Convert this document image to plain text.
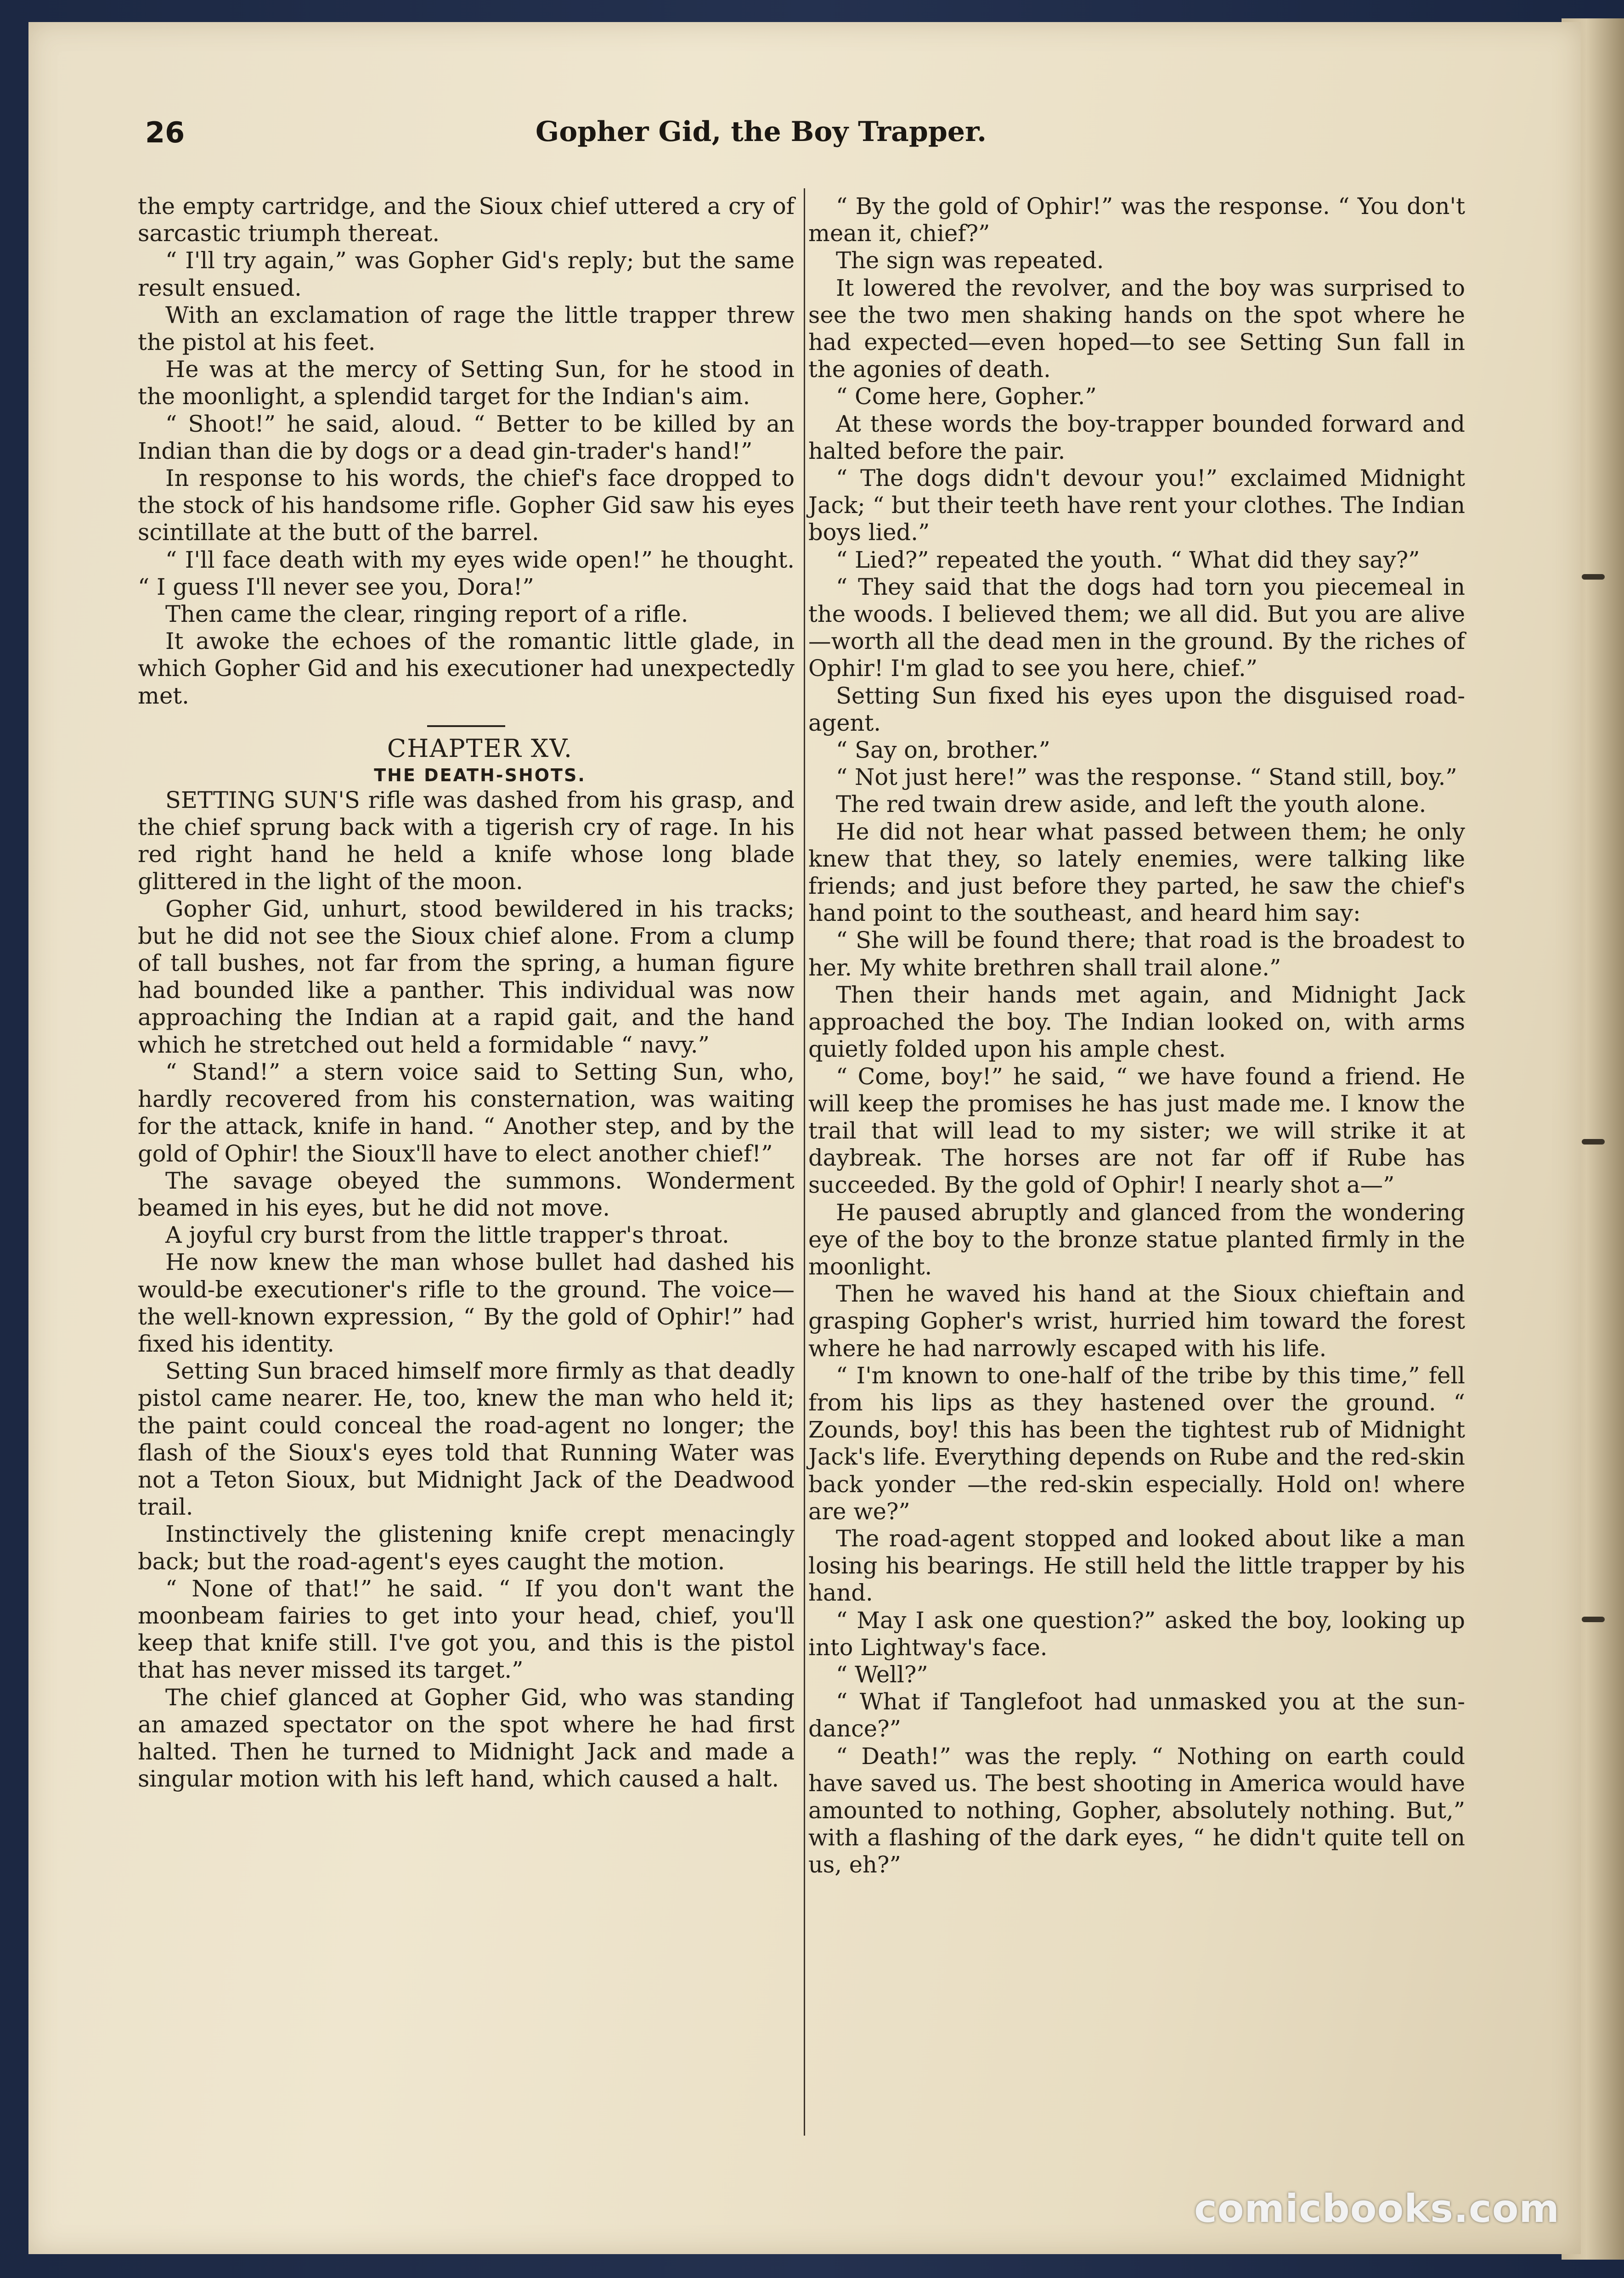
26	Gopher Gid, the Boy Trapper.

the empty cartridge, and the Sioux chief uttered a cry of sarcastic triumph thereat.

“ I'll try again,” was Gopher Gid's reply; but the same result ensued.

With an exclamation of rage the little trapper threw the pistol at his feet.

He was at the mercy of Setting Sun, for he stood in the moonlight, a splendid target for the Indian's aim.

“ Shoot!” he said, aloud. “ Better to be killed by an Indian than die by dogs or a dead gin-trader's hand!”

In response to his words, the chief's face dropped to the stock of his handsome rifle. Gopher Gid saw his eyes scintillate at the butt of the barrel.

“ I'll face death with my eyes wide open!” he thought. “ I guess I'll never see you, Dora!”

Then came the clear, ringing report of a rifle.

It awoke the echoes of the romantic little glade, in which Gopher Gid and his executioner had unexpectedly met.

CHAPTER XV.

THE DEATH-SHOTS.

SETTING SUN'S rifle was dashed from his grasp, and the chief sprung back with a tigerish cry of rage. In his red right hand he held a knife whose long blade glittered in the light of the moon.

Gopher Gid, unhurt, stood bewildered in his tracks; but he did not see the Sioux chief alone. From a clump of tall bushes, not far from the spring, a human figure had bounded like a panther. This individual was now approaching the Indian at a rapid gait, and the hand which he stretched out held a formidable “ navy.”

“ Stand!” a stern voice said to Setting Sun, who, hardly recovered from his consternation, was waiting for the attack, knife in hand. “ Another step, and by the gold of Ophir! the Sioux'll have to elect another chief!”

The savage obeyed the summons. Wonderment beamed in his eyes, but he did not move.

A joyful cry burst from the little trapper's throat.

He now knew the man whose bullet had dashed his would-be executioner's rifle to the ground. The voice—the well-known expression, “ By the gold of Ophir!” had fixed his identity.

Setting Sun braced himself more firmly as that deadly pistol came nearer. He, too, knew the man who held it; the paint could conceal the road-agent no longer; the flash of the Sioux's eyes told that Running Water was not a Teton Sioux, but Midnight Jack of the Deadwood trail.

Instinctively the glistening knife crept menacingly back; but the road-agent's eyes caught the motion.

“ None of that!” he said. “ If you don't want the moonbeam fairies to get into your head, chief, you'll keep that knife still. I've got you, and this is the pistol that has never missed its target.”

The chief glanced at Gopher Gid, who was standing an amazed spectator on the spot where he had first halted. Then he turned to Midnight Jack and made a singular motion with his left hand, which caused a halt.

“ By the gold of Ophir!” was the response. “ You don't mean it, chief?”

The sign was repeated.

It lowered the revolver, and the boy was surprised to see the two men shaking hands on the spot where he had expected—even hoped—to see Setting Sun fall in the agonies of death.

“ Come here, Gopher.”

At these words the boy-trapper bounded forward and halted before the pair.

“ The dogs didn't devour you!” exclaimed Midnight Jack; “ but their teeth have rent your clothes. The Indian boys lied.”

“ Lied?” repeated the youth. “ What did they say?”

“ They said that the dogs had torn you piecemeal in the woods. I believed them; we all did. But you are alive—worth all the dead men in the ground. By the riches of Ophir! I'm glad to see you here, chief.”

Setting Sun fixed his eyes upon the disguised road-agent.

“ Say on, brother.”

“ Not just here!” was the response. “ Stand still, boy.”

The red twain drew aside, and left the youth alone.

He did not hear what passed between them; he only knew that they, so lately enemies, were talking like friends; and just before they parted, he saw the chief's hand point to the southeast, and heard him say:

“ She will be found there; that road is the broadest to her. My white brethren shall trail alone.”

Then their hands met again, and Midnight Jack approached the boy. The Indian looked on, with arms quietly folded upon his ample chest.

“ Come, boy!” he said, “ we have found a friend. He will keep the promises he has just made me. I know the trail that will lead to my sister; we will strike it at daybreak. The horses are not far off if Rube has succeeded. By the gold of Ophir! I nearly shot a—”

He paused abruptly and glanced from the wondering eye of the boy to the bronze statue planted firmly in the moonlight.

Then he waved his hand at the Sioux chieftain and grasping Gopher's wrist, hurried him toward the forest where he had narrowly escaped with his life.

“ I'm known to one-half of the tribe by this time,” fell from his lips as they hastened over the ground. “ Zounds, boy! this has been the tightest rub of Midnight Jack's life. Everything depends on Rube and the red-skin back yonder —the red-skin especially. Hold on! where are we?”

The road-agent stopped and looked about like a man losing his bearings. He still held the little trapper by his hand.

“ May I ask one question?” asked the boy, looking up into Lightway's face.

“ Well?”

“ What if Tanglefoot had unmasked you at the sun-dance?”

“ Death!” was the reply. “ Nothing on earth could have saved us. The best shooting in America would have amounted to nothing, Gopher, absolutely nothing. But,” with a flashing of the dark eyes, “ he didn't quite tell on us, eh?”

comicbooks.com
